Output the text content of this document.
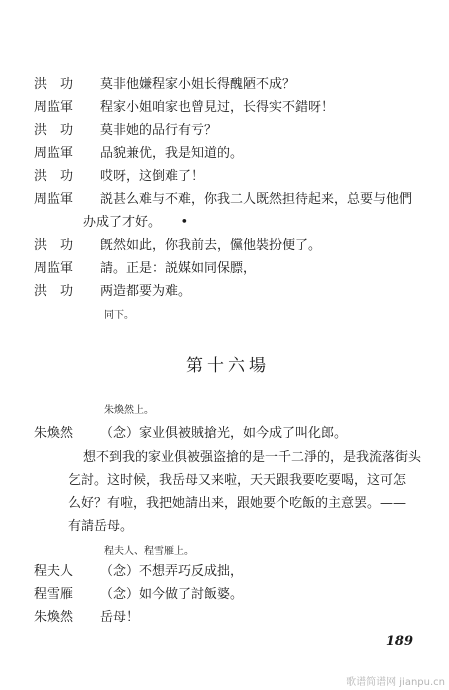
洪　功 莫非他嫌程家小姐长得醜陋不成？
周监軍 程家小姐咱家也曾見过，长得实不錯呀！
洪　功 莫非她的品行有亏？
周监軍 品貌兼优，我是知道的。
洪　功 哎呀，这倒难了！
周监軍 説甚么难与不难，你我二人既然担待起来，总要与他們
办成了才好。　　•
洪　功 旣然如此，你我前去，儻他裝扮便了。
周监軍 請。正是：説媒如同保膘，
洪　功 两造都要为难。
同下。
第十六場
朱煥然上。
朱煥然 （念）家业俱被賊搶光，如今成了叫化郎。
想不到我的家业俱被强盗搶的是一千二淨的，是我流落街头
乞討。这时候，我岳母又来啦，天天跟我要吃要喝，这可怎
么好？有啦，我把她請出来，跟她要个吃飯的主意罢。——
有請岳母。
程夫人、程雪雁上。
程夫人 （念）不想弄巧反成拙，
程雪雁 （念）如今做了討飯婆。
朱煥然 岳母！
189
歌谱简谱网 jianpu.cn
